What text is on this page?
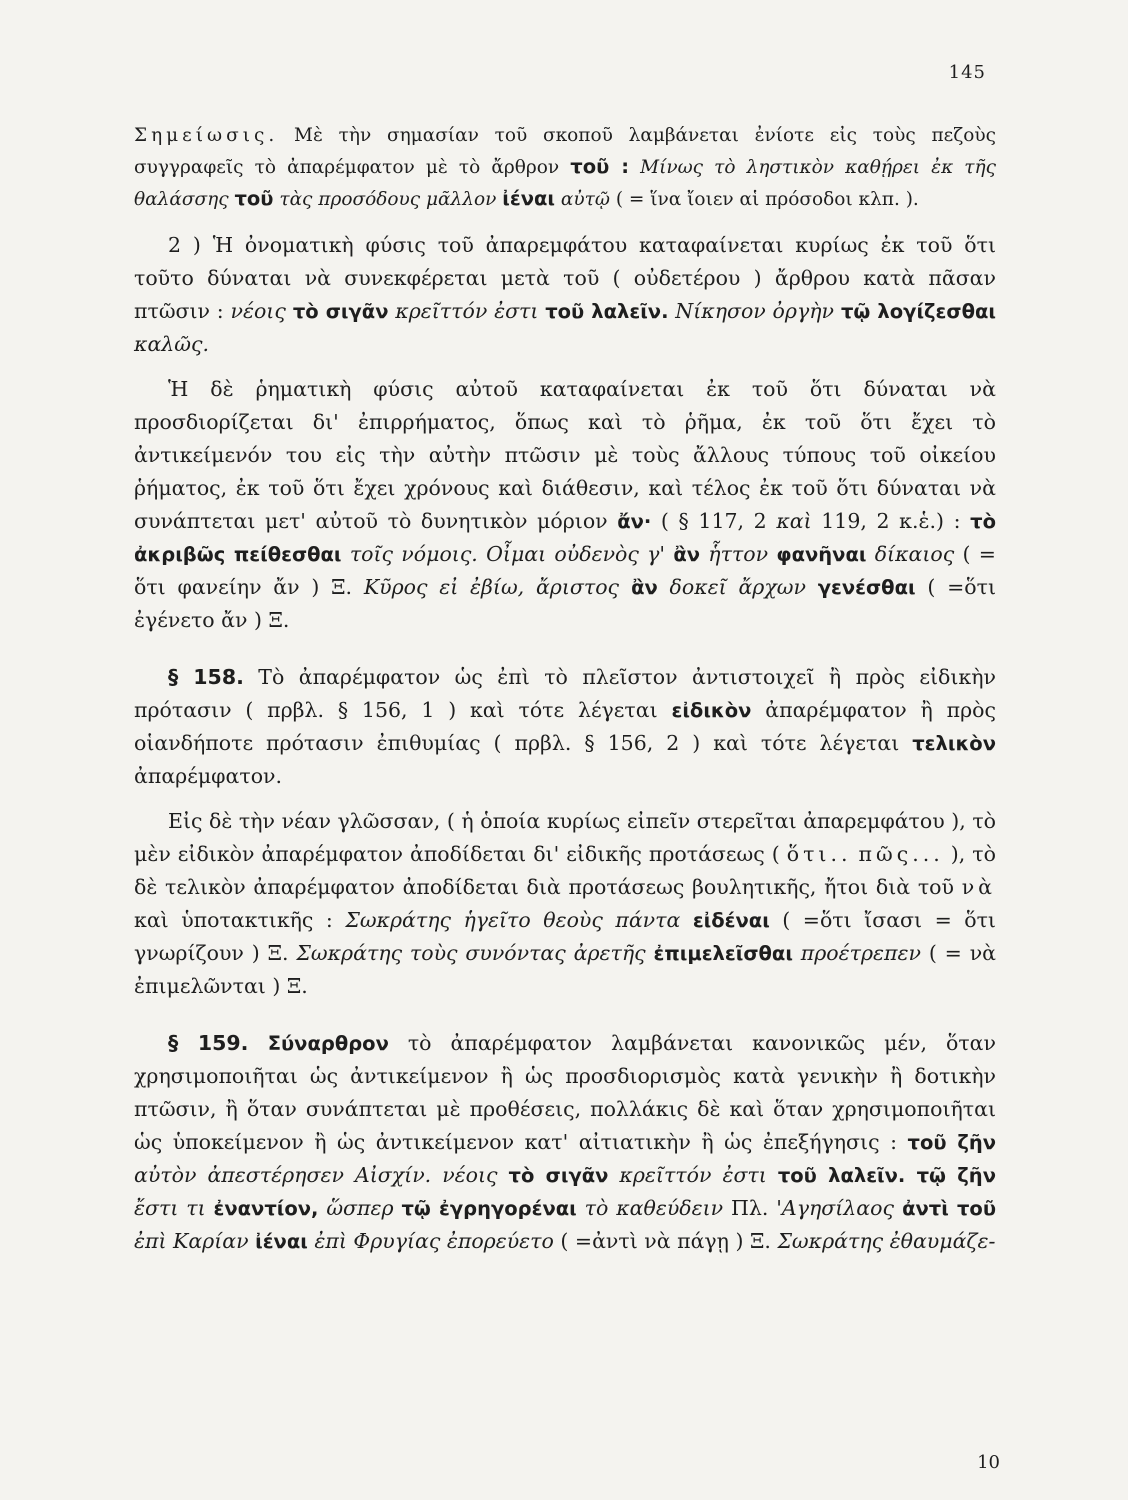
145

Σημείωσις. Μὲ τὴν σημασίαν τοῦ σκοποῦ λαμβάνεται ἐνίοτε εἰς τοὺς πεζοὺς συγγραφεῖς τὸ ἀπαρέμφατον μὲ τὸ ἄρθρον τοῦ : Μίνως τὸ ληστικὸν καθῄρει ἐκ τῆς θαλάσσης τοῦ τὰς προσόδους μᾶλλον ἰέναι αὐτῷ ( = ἵνα ἴοιεν αἱ πρόσοδοι κλπ. ).

2 ) Ἡ ὀνοματικὴ φύσις τοῦ ἀπαρεμφάτου καταφαίνεται κυρίως ἐκ τοῦ ὅτι τοῦτο δύναται νὰ συνεκφέρεται μετὰ τοῦ ( οὐδετέρου ) ἄρθρου κατὰ πᾶσαν πτῶσιν : νέοις τὸ σιγᾶν κρεῖττόν ἐστι τοῦ λαλεῖν. Νίκησον ὀργὴν τῷ λογίζεσθαι καλῶς.

Ἡ δὲ ῥηματικὴ φύσις αὐτοῦ καταφαίνεται ἐκ τοῦ ὅτι δύναται νὰ προσδιορίζεται δι' ἐπιρρήματος, ὅπως καὶ τὸ ῥῆμα, ἐκ τοῦ ὅτι ἔχει τὸ ἀντικείμενόν του εἰς τὴν αὐτὴν πτῶσιν μὲ τοὺς ἄλλους τύπους τοῦ οἰκείου ῥήματος, ἐκ τοῦ ὅτι ἔχει χρόνους καὶ διάθεσιν, καὶ τέλος ἐκ τοῦ ὅτι δύναται νὰ συνάπτεται μετ' αὐτοῦ τὸ δυνητικὸν μόριον ἄν· ( § 117, 2 καὶ 119, 2 κ.ἑ.) : τὸ ἀκριβῶς πείθεσθαι τοῖς νόμοις. Οἶμαι οὐδενὸς γ' ἂν ἧττον φανῆναι δίκαιος ( = ὅτι φανείην ἄν ) Ξ. Κῦρος εἰ ἐβίω, ἄριστος ἂν δοκεῖ ἄρχων γενέσθαι ( =ὅτι ἐγένετο ἄν ) Ξ.

§ 158. Τὸ ἀπαρέμφατον ὡς ἐπὶ τὸ πλεῖστον ἀντιστοιχεῖ ἢ πρὸς εἰδικὴν πρότασιν ( πρβλ. § 156, 1 ) καὶ τότε λέγεται εἰδικὸν ἀπαρέμφατον ἢ πρὸς οἱανδήποτε πρότασιν ἐπιθυμίας ( πρβλ. § 156, 2 ) καὶ τότε λέγεται τελικὸν ἀπαρέμφατον.

Εἰς δὲ τὴν νέαν γλῶσσαν, ( ἡ ὁποία κυρίως εἰπεῖν στερεῖται ἀπαρεμφάτου ), τὸ μὲν εἰδικὸν ἀπαρέμφατον ἀποδίδεται δι' εἰδικῆς προτάσεως ( ὅτι.. πῶς... ), τὸ δὲ τελικὸν ἀπαρέμφατον ἀποδίδεται διὰ προτάσεως βουλητικῆς, ἤτοι διὰ τοῦ νὰ καὶ ὑποτακτικῆς : Σωκράτης ἡγεῖτο θεοὺς πάντα εἰδέναι ( =ὅτι ἴσασι = ὅτι γνωρίζουν ) Ξ. Σωκράτης τοὺς συνόντας ἀρετῆς ἐπιμελεῖσθαι προέτρεπεν ( = νὰ ἐπιμελῶνται ) Ξ.

§ 159. Σύναρθρον τὸ ἀπαρέμφατον λαμβάνεται κανονικῶς μέν, ὅταν χρησιμοποιῆται ὡς ἀντικείμενον ἢ ὡς προσδιορισμὸς κατὰ γενικὴν ἢ δοτικὴν πτῶσιν, ἢ ὅταν συνάπτεται μὲ προθέσεις, πολλάκις δὲ καὶ ὅταν χρησιμοποιῆται ὡς ὑποκείμενον ἢ ὡς ἀντικείμενον κατ' αἰτιατικὴν ἢ ὡς ἐπεξήγησις : τοῦ ζῆν αὐτὸν ἀπεστέρησεν Αἰσχίν. νέοις τὸ σιγᾶν κρεῖττόν ἐστι τοῦ λαλεῖν. τῷ ζῆν ἔστι τι ἐναντίον, ὥσπερ τῷ ἐγρηγορέναι τὸ καθεύδειν Πλ. 'Αγησίλαος ἀντὶ τοῦ ἐπὶ Καρίαν ἰέναι ἐπὶ Φρυγίας ἐπορεύετο ( =ἀντὶ νὰ πάγῃ ) Ξ. Σωκράτης ἐθαυμάζε-

10
